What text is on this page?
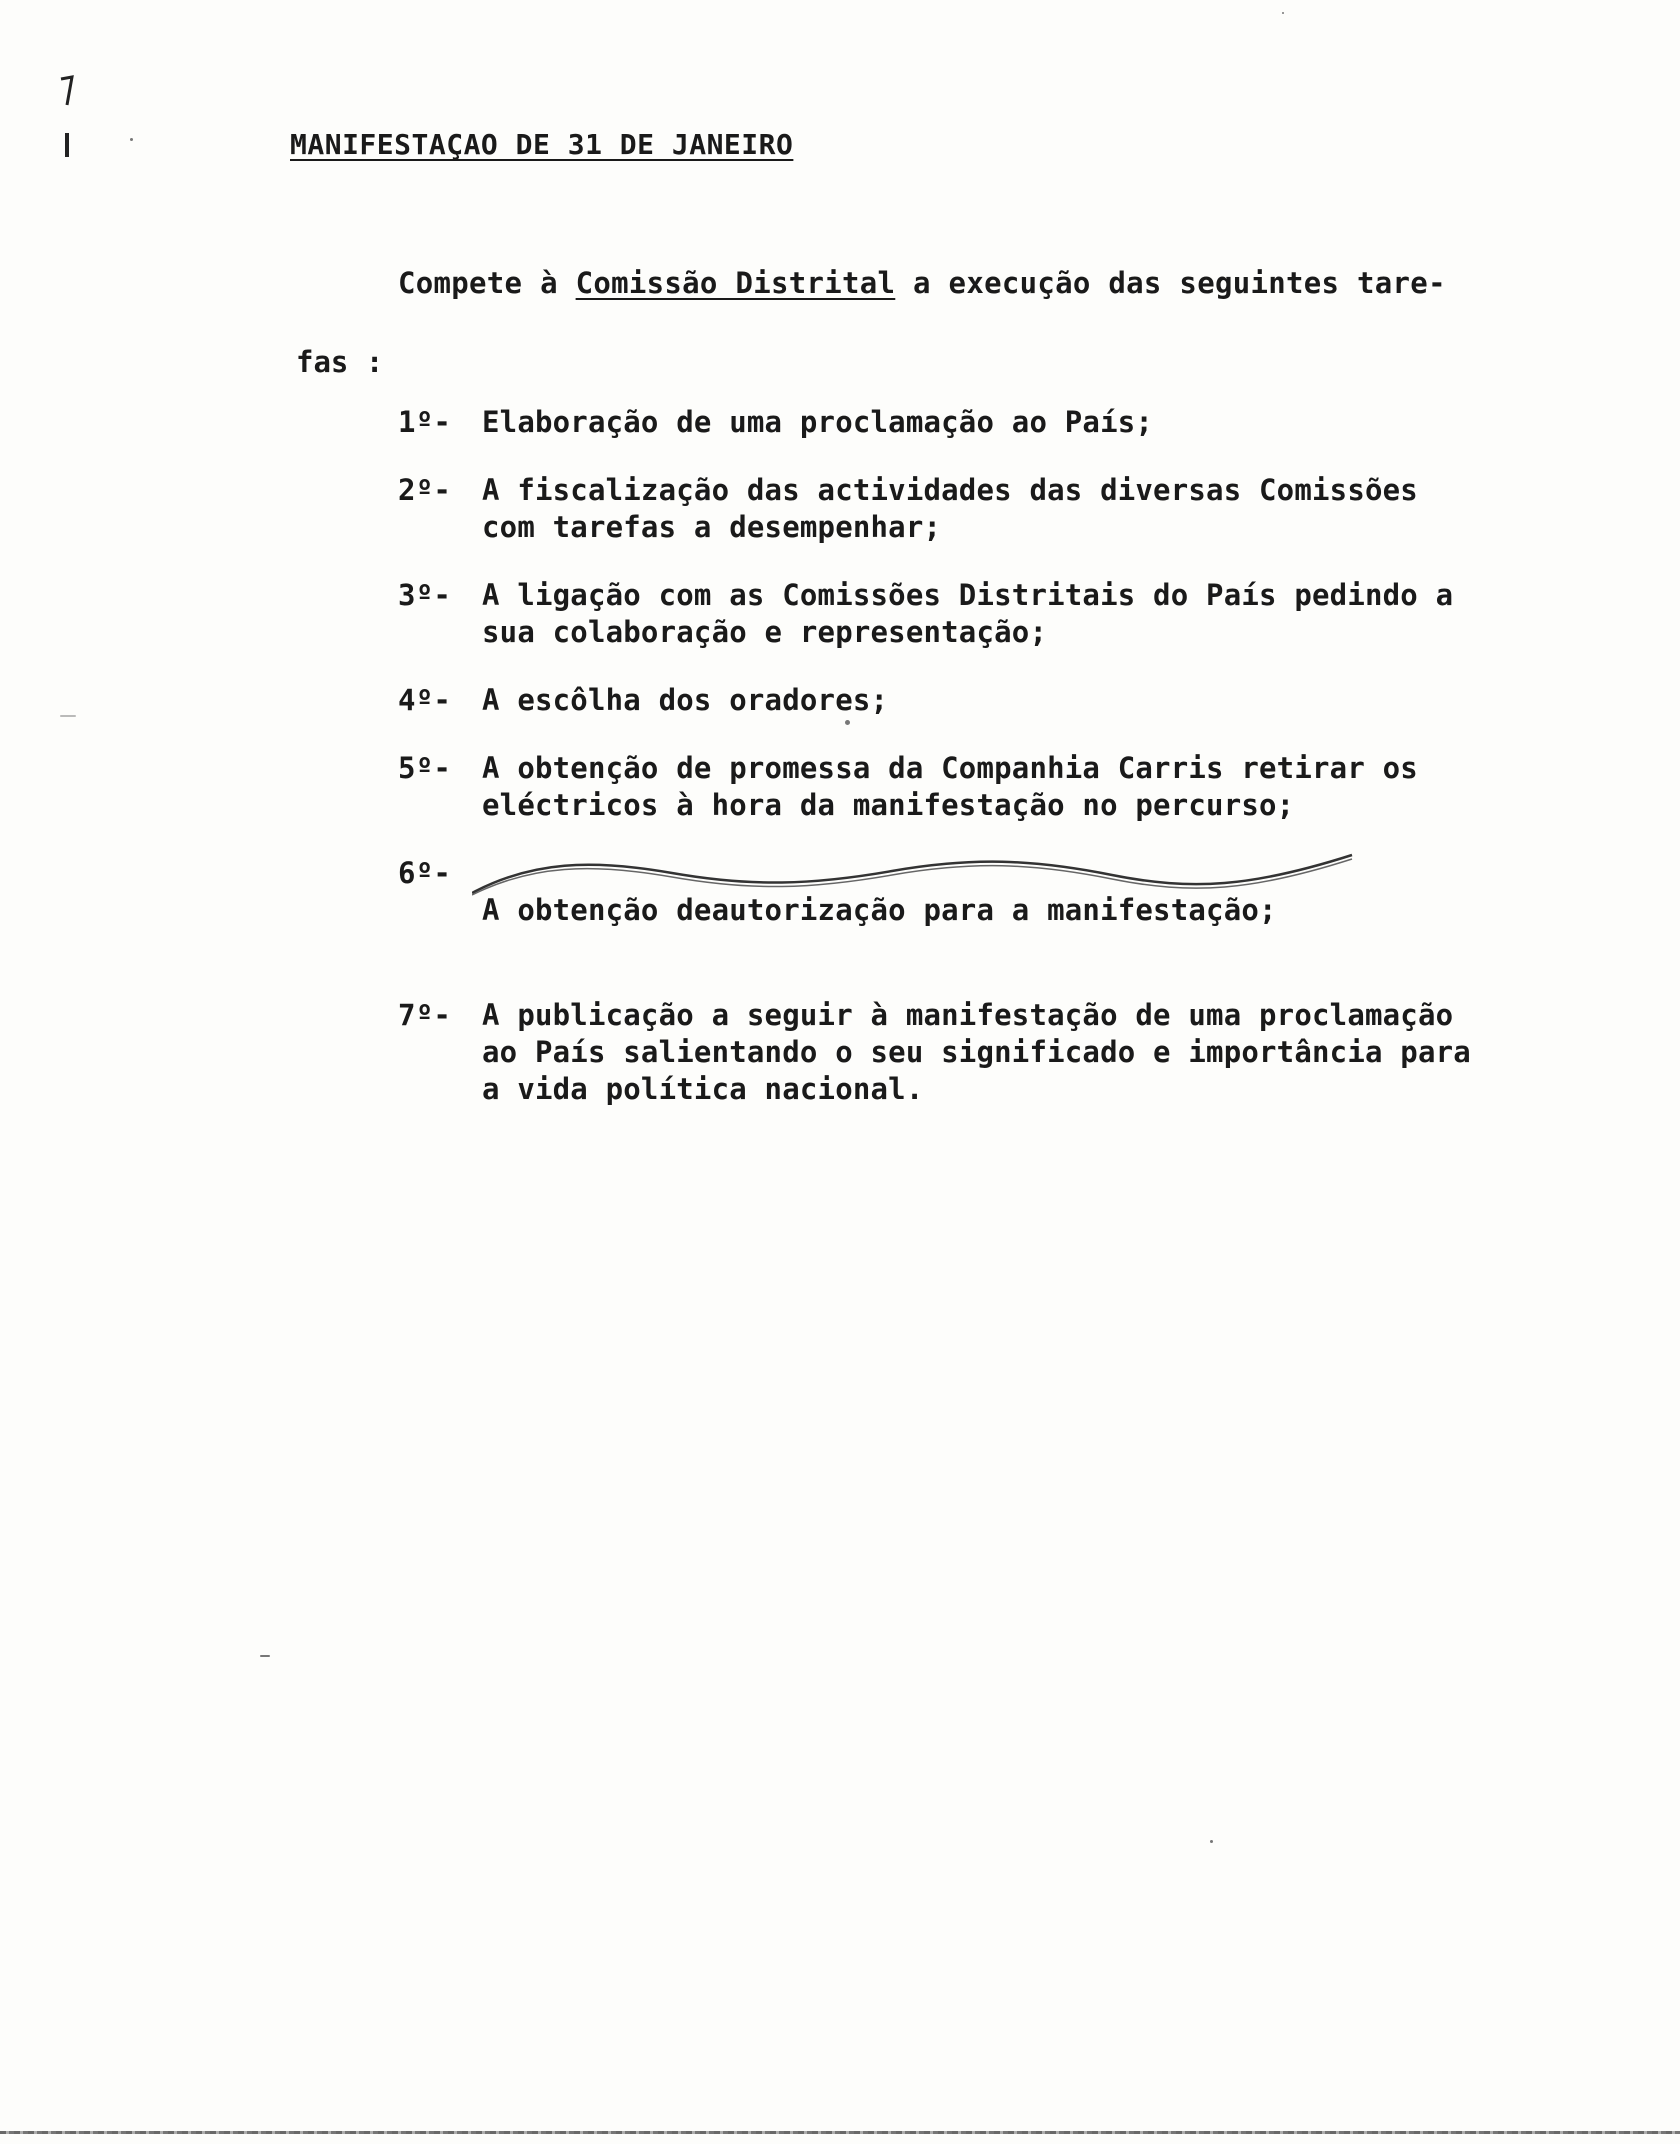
MANIFESTAÇAO DE 31 DE JANEIRO
Compete à Comissão Distrital a execução das seguintes tare-
fas :
1º-	Elaboração de uma proclamação ao País;
2º-	A fiscalização das actividades das diversas Comissões
com tarefas a desempenhar;
3º-	A ligação com as Comissões Distritais do País pedindo a
sua colaboração e representação;
4º-	A escôlha dos oradores;
5º-	A obtenção de promessa da Companhia Carris retirar os
eléctricos à hora da manifestação no percurso;
6º-

A obtenção deautorização para a manifestação;

7º-	A publicação a seguir à manifestação de uma proclamação
ao País salientando o seu significado e importância para
a vida política nacional.
